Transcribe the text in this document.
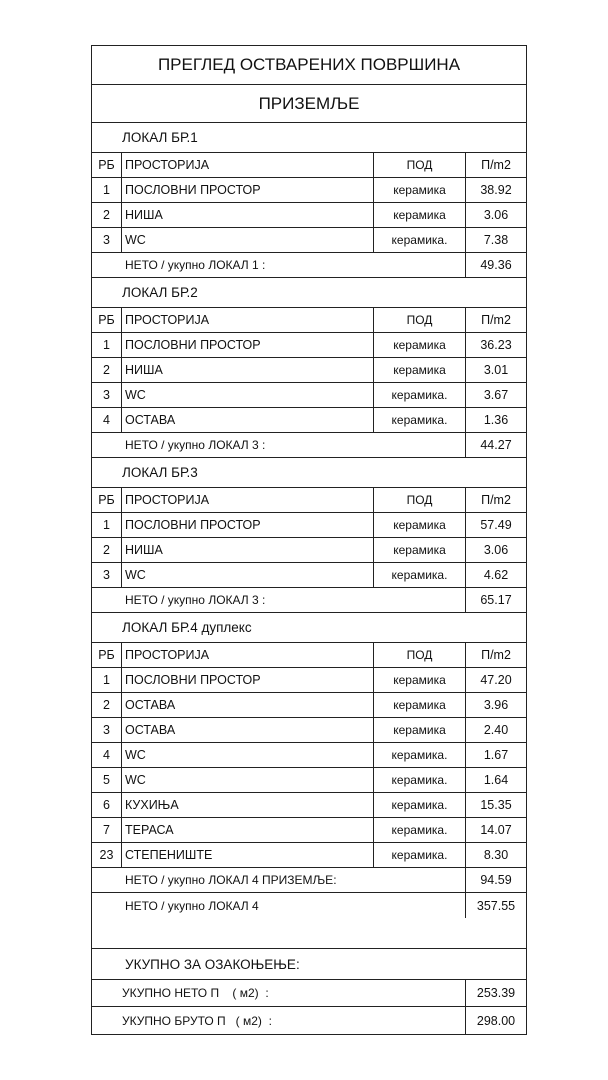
ПРЕГЛЕД ОСТВАРЕНИХ ПОВРШИНА
ПРИЗЕМЉЕ
ЛОКАЛ БР.1
РБ ПРОСТОРИЈА	ПОД	П/m2
1	ПОСЛОВНИ ПРОСТОР	керамика	38.92
2	НИША	керамика	3.06
3	WC	керамика.	7.38
НЕТО / укупно ЛОКАЛ 1 :	49.36
ЛОКАЛ БР.2
РБ ПРОСТОРИЈА	ПОД	П/m2
1	ПОСЛОВНИ ПРОСТОР	керамика	36.23
2	НИША	керамика	3.01
3	WC	керамика.	3.67
4	ОСТАВА	керамика.	1.36
НЕТО / укупно ЛОКАЛ 3 :	44.27
ЛОКАЛ БР.3
РБ ПРОСТОРИЈА	ПОД	П/m2
1	ПОСЛОВНИ ПРОСТОР	керамика	57.49
2	НИША	керамика	3.06
3	WC	керамика.	4.62
НЕТО / укупно ЛОКАЛ 3 :	65.17
ЛОКАЛ БР.4 дуплекс
РБ ПРОСТОРИЈА	ПОД	П/m2
1	ПОСЛОВНИ ПРОСТОР	керамика	47.20
2	ОСТАВА	керамика	3.96
3	ОСТАВА	керамика	2.40
4	WC	керамика.	1.67
5	WC	керамика.	1.64
6	КУХИЊА	керамика.	15.35
7	ТЕРАСА	керамика.	14.07
23 СТЕПЕНИШТЕ	керамика.	8.30
НЕТО / укупно ЛОКАЛ 4 ПРИЗЕМЉЕ:	94.59
НЕТО / укупно ЛОКАЛ 4	357.55
УКУПНО ЗА ОЗАКОЊЕЊЕ:
УКУПНО НЕТО П    ( м2)  :	253.39
УКУПНО БРУТО П   ( м2)  :	298.00
